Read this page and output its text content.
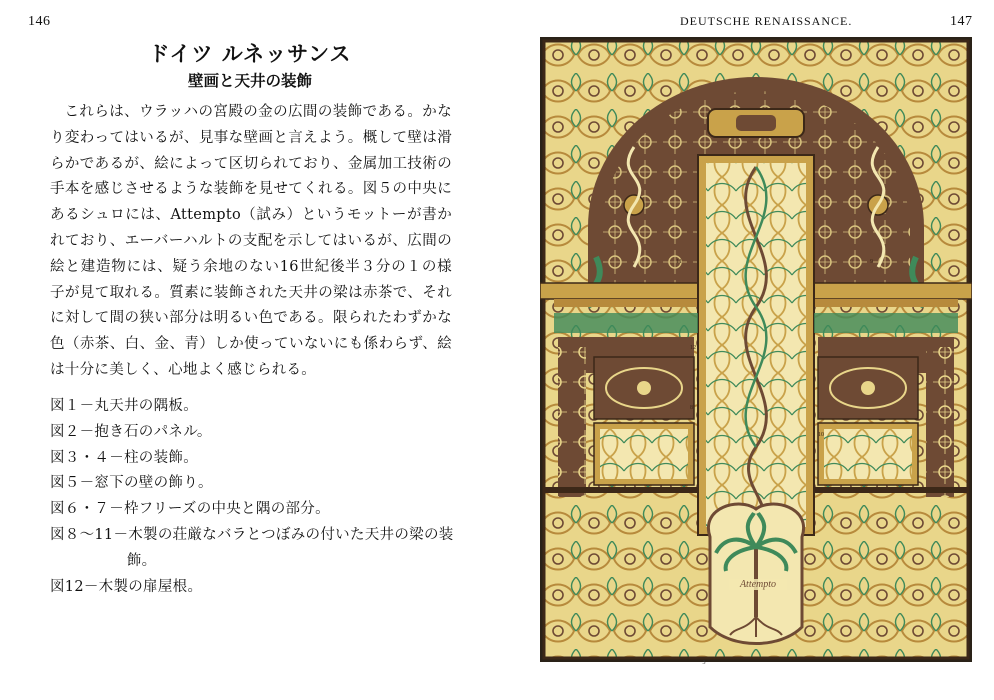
146	DEUTSCHE RENAISSANCE.	147
ドイツ ルネッサンス
壁画と天井の装飾

これらは、ウラッハの宮殿の金の広間の装飾である。かなり変わってはいるが、見事な壁画と言えよう。概して壁は滑らかであるが、絵によって区切られており、金属加工技術の手本を感じさせるような装飾を見せてくれる。図５の中央にあるシュロには、Attempto（試み）というモットーが書かれており、エーバーハルトの支配を示してはいるが、広間の絵と建造物には、疑う余地のない16世紀後半３分の１の様子が見て取れる。質素に装飾された天井の梁は赤茶で、それに対して間の狭い部分は明るい色である。限られたわずかな色（赤茶、白、金、青）しか使っていないにも係わらず、絵は十分に美しく、心地よく感じられる。

図１－丸天井の隅板。
図２－抱き石のパネル。
図３・４－柱の装飾。
図５－窓下の壁の飾り。
図６・７－枠フリーズの中央と隅の部分。
図８～11－木製の荘厳なバラとつぼみの付いた天井の梁の装飾。
図12－木製の扉屋根。
11	9
12
8
10
Attempto
3
